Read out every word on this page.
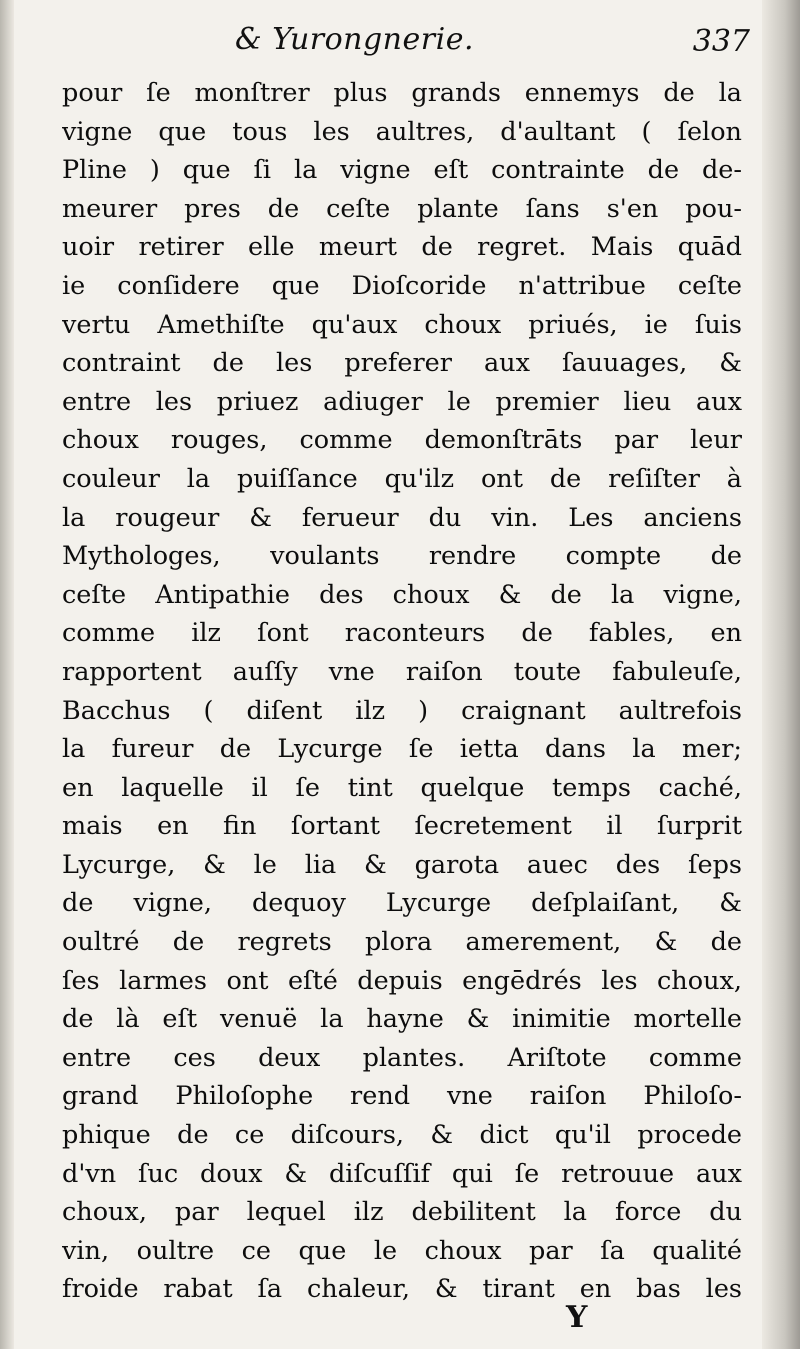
& Yurongnerie.	337
pour ſe monſtrer plus grands ennemys de la
vigne que tous les aultres, d'aultant ( ſelon
Pline ) que ſi la vigne eſt contrainte de de-
meurer pres de ceſte plante ſans s'en pou-
uoir retirer elle meurt de regret. Mais quād
ie conſidere que Dioſcoride n'attribue ceſte
vertu Amethiſte qu'aux choux priués, ie ſuis
contraint de les preferer aux ſauuages, &
entre les priuez adiuger le premier lieu aux
choux rouges, comme demonſtrāts par leur
couleur la puiſſance qu'ilz ont de reſiſter à
la rougeur & ferueur du vin. Les anciens
Mythologes, voulants rendre compte de
ceſte Antipathie des choux & de la vigne,
comme ilz ſont raconteurs de fables, en
rapportent auſſy vne raiſon toute fabuleuſe,
Bacchus ( diſent ilz ) craignant aultrefois
la fureur de Lycurge ſe ietta dans la mer;
en laquelle il ſe tint quelque temps caché,
mais en fin ſortant ſecretement il ſurprit
Lycurge, & le lia & garota auec des ſeps
de vigne, dequoy Lycurge deſplaiſant, &
oultré de regrets plora amerement, & de
ſes larmes ont eſté depuis engēdrés les choux,
de là eſt venuë la hayne & inimitie mortelle
entre ces deux plantes. Ariſtote comme
grand Philoſophe rend vne raiſon Philoſo-
phique de ce diſcours, & dict qu'il procede
d'vn ſuc doux & diſcuſſif qui ſe retrouue aux
choux, par lequel ilz debilitent la force du
vin, oultre ce que le choux par ſa qualité
froide rabat ſa chaleur, & tirant en bas les
Y
